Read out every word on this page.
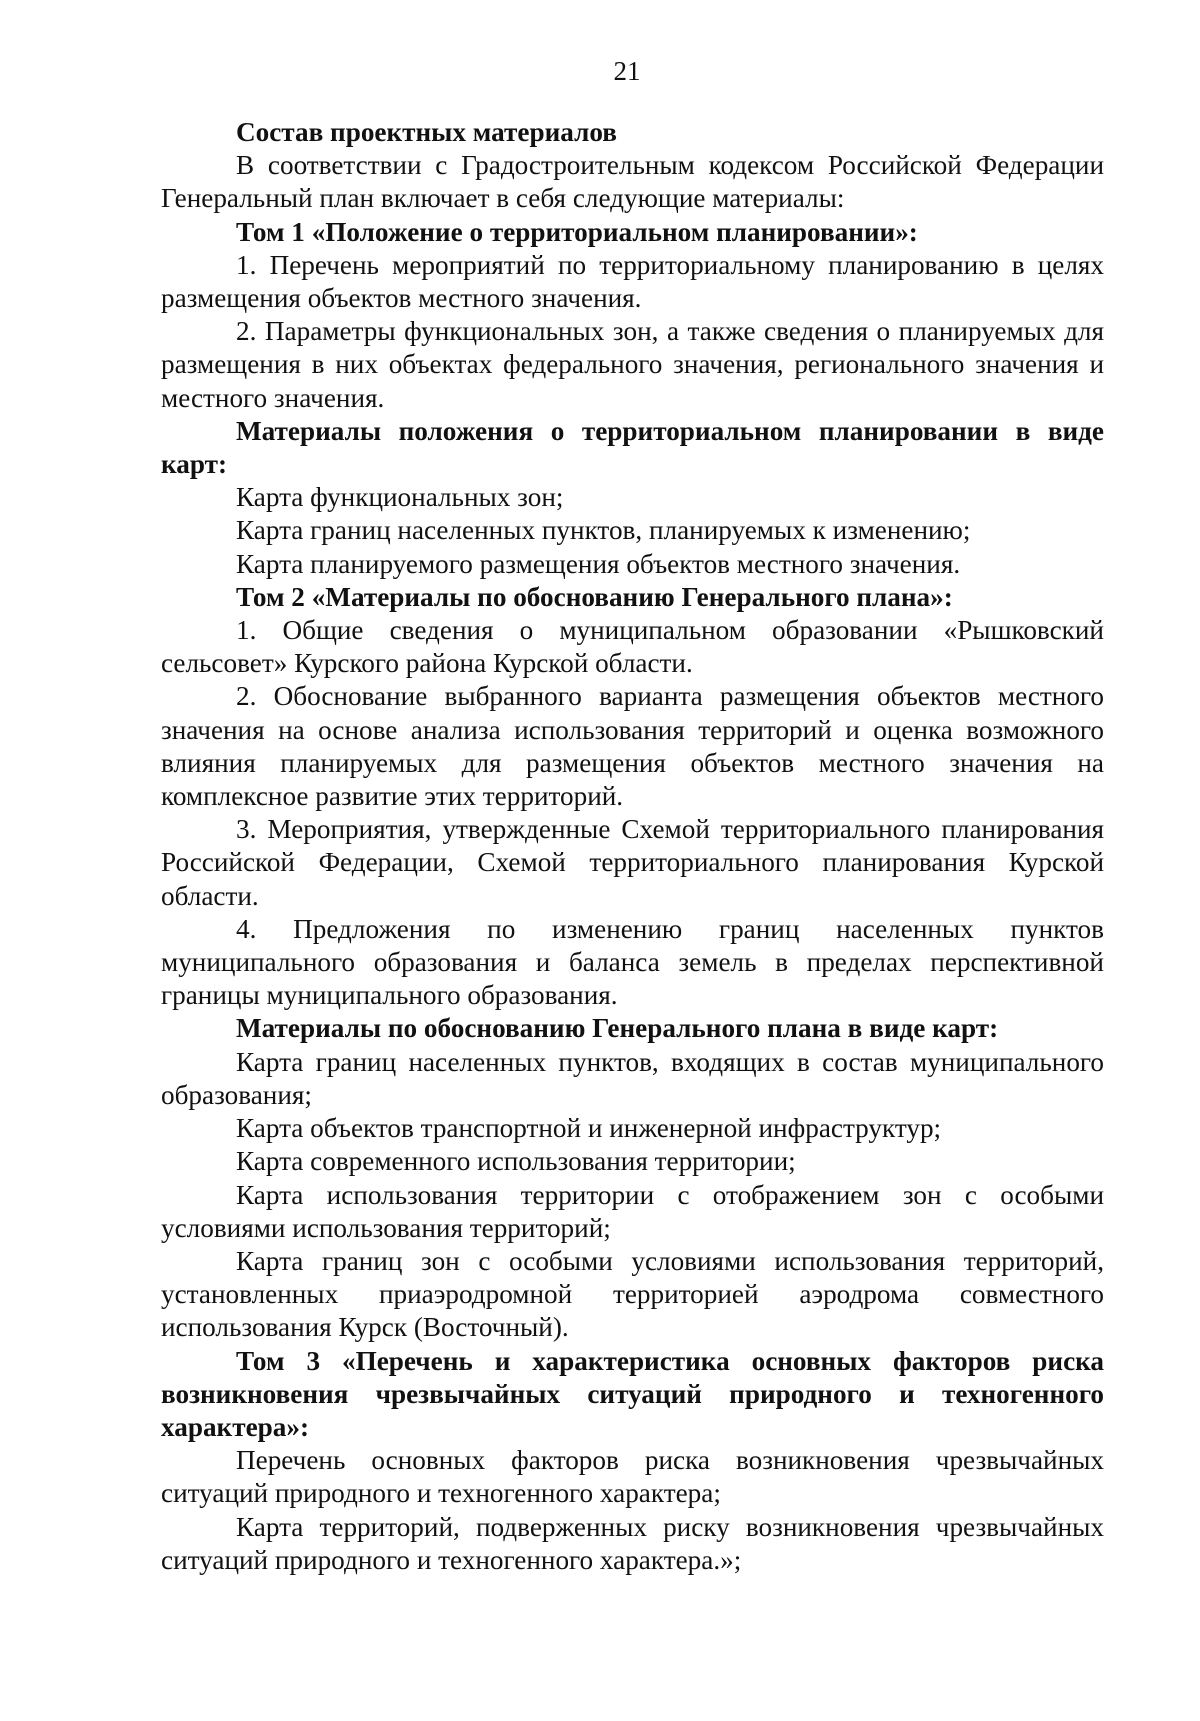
21

Состав проектных материалов

В соответствии с Градостроительным кодексом Российской Федерации Генеральный план включает в себя следующие материалы:

Том 1 «Положение о территориальном планировании»:

1. Перечень мероприятий по территориальному планированию в целях размещения объектов местного значения.

2. Параметры функциональных зон, а также сведения о планируемых для размещения в них объектах федерального значения, регионального значения и местного значения.

Материалы положения о территориальном планировании в виде карт:

Карта функциональных зон;

Карта границ населенных пунктов, планируемых к изменению;

Карта планируемого размещения объектов местного значения.

Том 2 «Материалы по обоснованию Генерального плана»:

1. Общие сведения о муниципальном образовании «Рышковский сельсовет» Курского района Курской области.

2. Обоснование выбранного варианта размещения объектов местного значения на основе анализа использования территорий и оценка возможного влияния планируемых для размещения объектов местного значения на комплексное развитие этих территорий.

3. Мероприятия, утвержденные Схемой территориального планирования Российской Федерации, Схемой территориального планирования Курской области.

4. Предложения по изменению границ населенных пунктов муниципального образования и баланса земель в пределах перспективной границы муниципального образования.

Материалы по обоснованию Генерального плана в виде карт:

Карта границ населенных пунктов, входящих в состав муниципального образования;

Карта объектов транспортной и инженерной инфраструктур;

Карта современного использования территории;

Карта использования территории с отображением зон с особыми условиями использования территорий;

Карта границ зон с особыми условиями использования территорий, установленных приаэродромной территорией аэродрома совместного использования Курск (Восточный).

Том 3 «Перечень и характеристика основных факторов риска возникновения чрезвычайных ситуаций природного и техногенного характера»:

Перечень основных факторов риска возникновения чрезвычайных ситуаций природного и техногенного характера;

Карта территорий, подверженных риску возникновения чрезвычайных ситуаций природного и техногенного характера.»;
